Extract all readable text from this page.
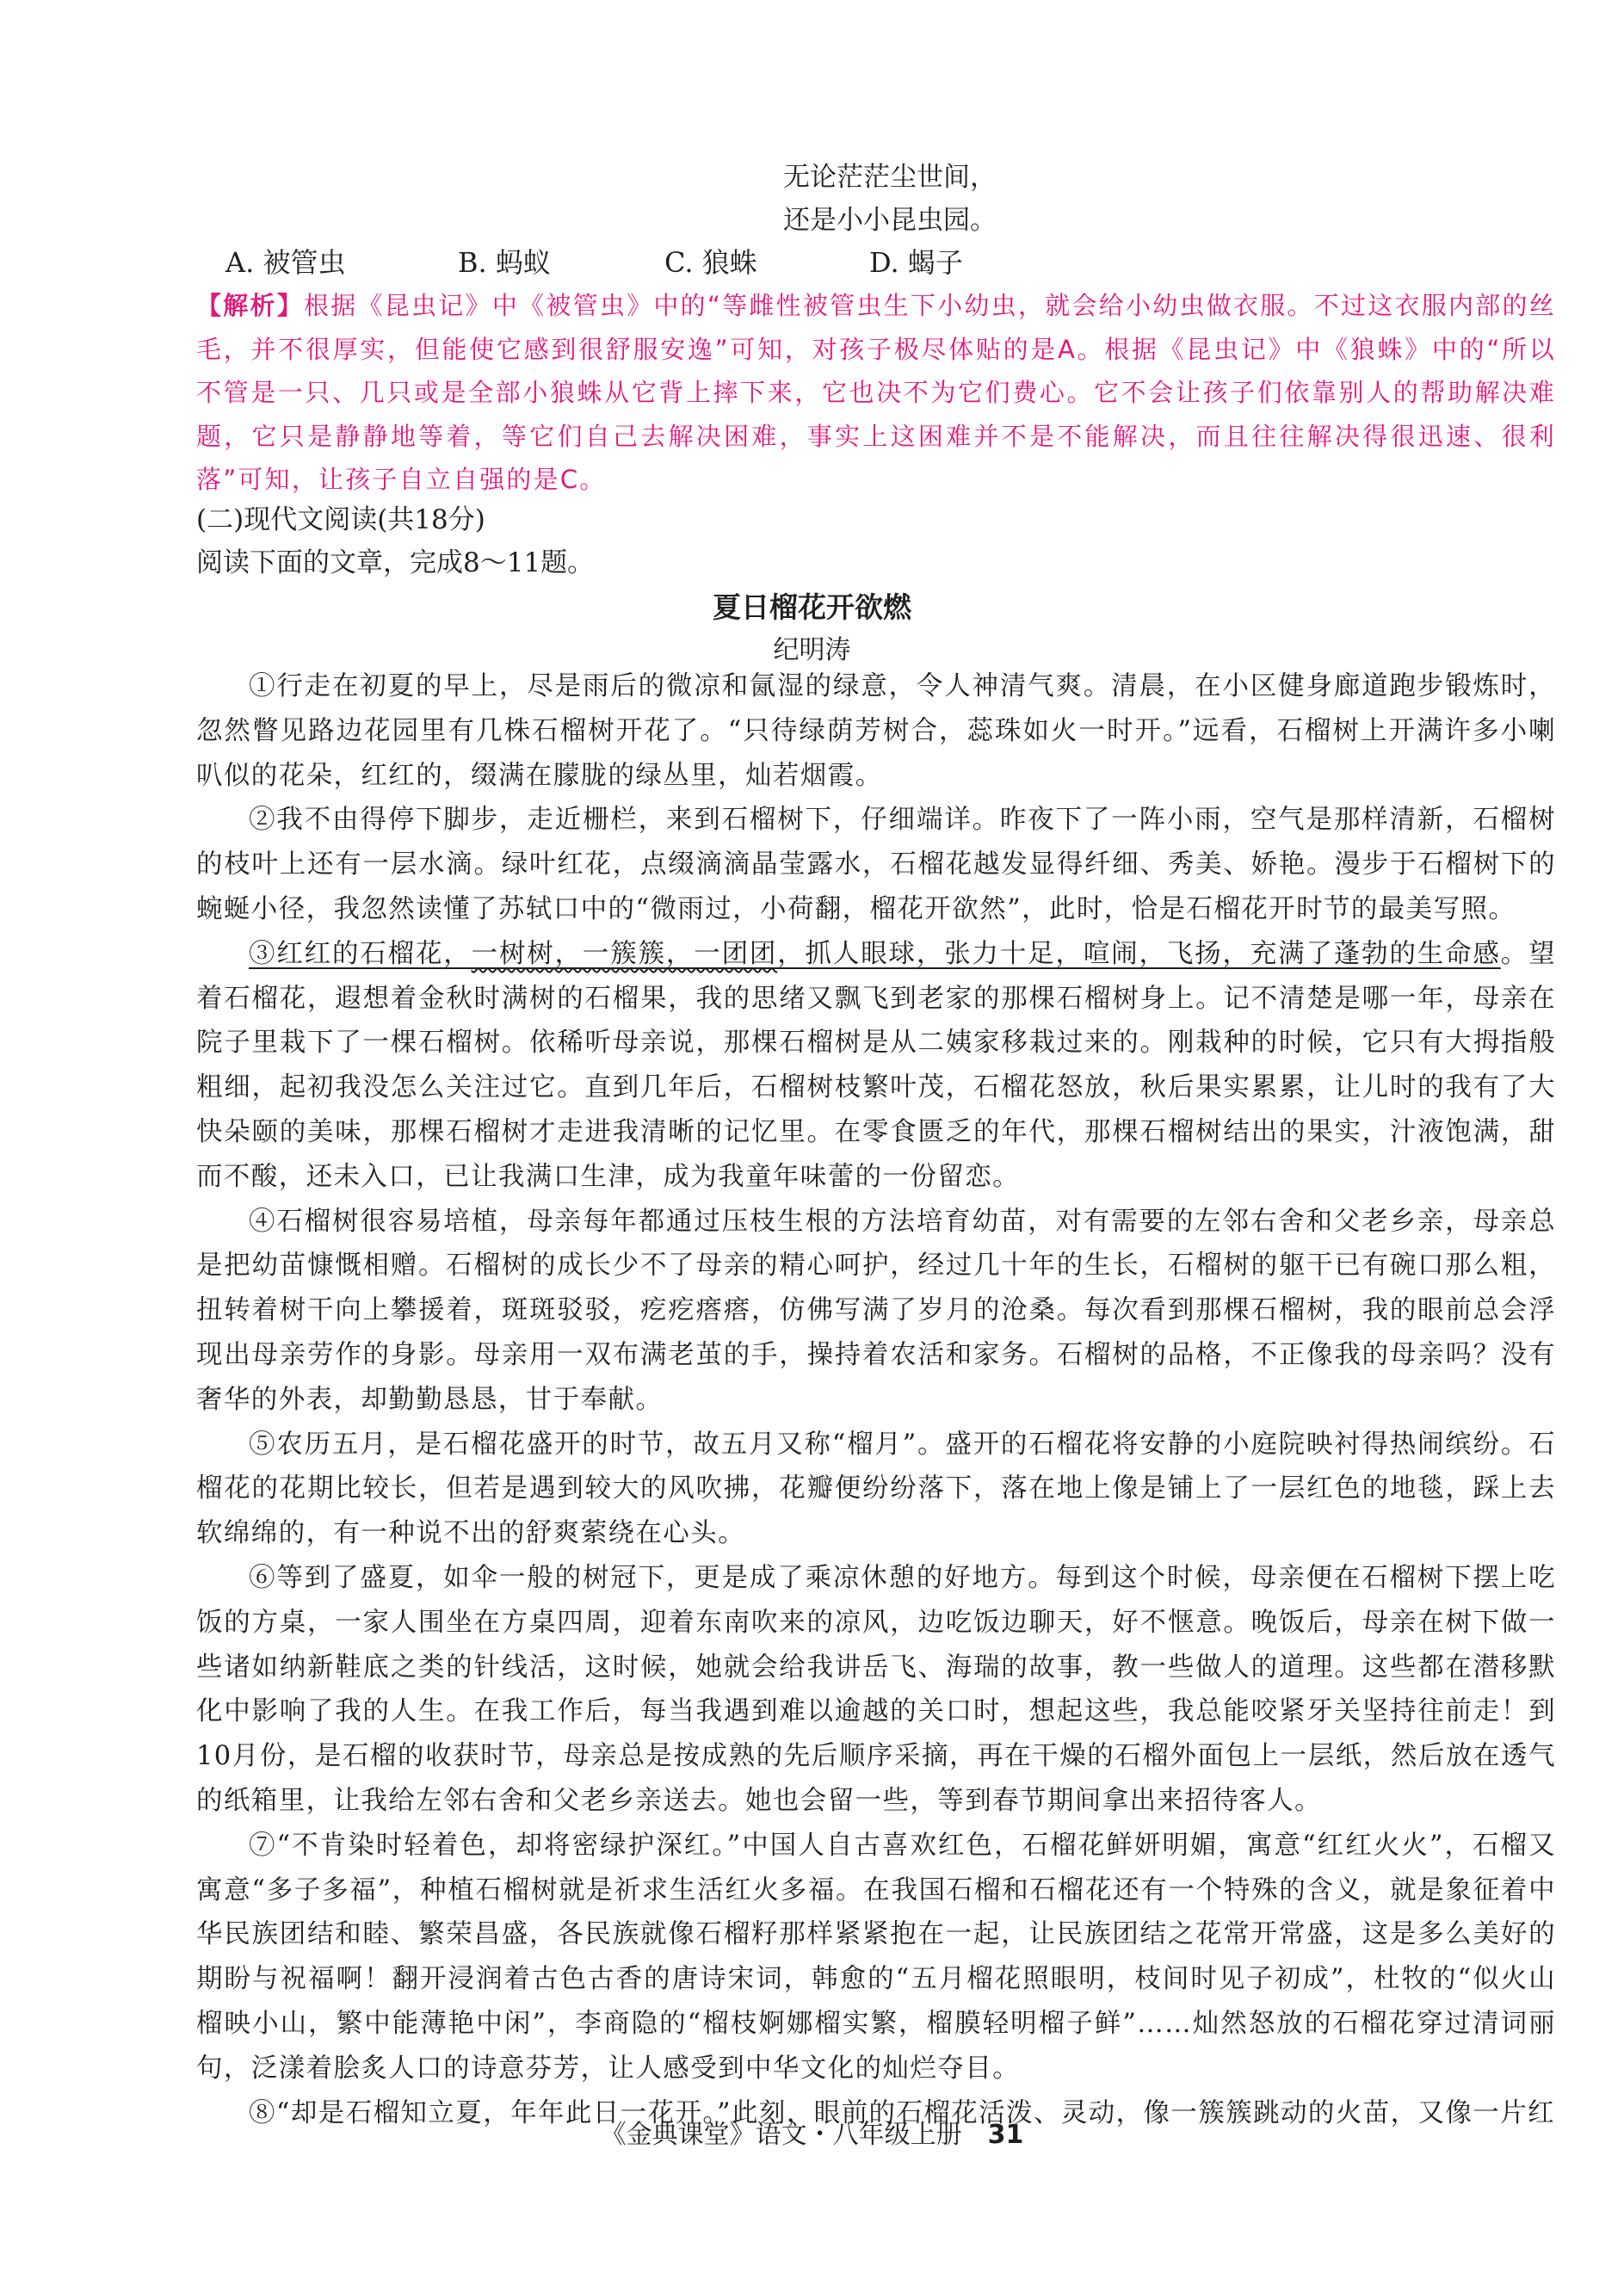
无论茫茫尘世间，
还是小小昆虫园。
A. 被管虫	B. 蚂蚁	C. 狼蛛	D. 蝎子
【解析】根据《昆虫记》中《被管虫》中的“等雌性被管虫生下小幼虫，就会给小幼虫做衣服。不过这衣服内部的丝毛，并不很厚实，但能使它感到很舒服安逸”可知，对孩子极尽体贴的是A。根据《昆虫记》中《狼蛛》中的“所以不管是一只、几只或是全部小狼蛛从它背上摔下来，它也决不为它们费心。它不会让孩子们依靠别人的帮助解决难题，它只是静静地等着，等它们自己去解决困难，事实上这困难并不是不能解决，而且往往解决得很迅速、很利落”可知，让孩子自立自强的是C。
(二)现代文阅读(共18分)
阅读下面的文章，完成8～11题。
夏日榴花开欲燃
纪明涛

①行走在初夏的早上，尽是雨后的微凉和氤湿的绿意，令人神清气爽。清晨，在小区健身廊道跑步锻炼时，忽然瞥见路边花园里有几株石榴树开花了。“只待绿荫芳树合，蕊珠如火一时开。”远看，石榴树上开满许多小喇叭似的花朵，红红的，缀满在朦胧的绿丛里，灿若烟霞。

②我不由得停下脚步，走近栅栏，来到石榴树下，仔细端详。昨夜下了一阵小雨，空气是那样清新，石榴树的枝叶上还有一层水滴。绿叶红花，点缀滴滴晶莹露水，石榴花越发显得纤细、秀美、娇艳。漫步于石榴树下的蜿蜒小径，我忽然读懂了苏轼口中的“微雨过，小荷翻，榴花开欲然”，此时，恰是石榴花开时节的最美写照。

③红红的石榴花，一树树，一簇簇，一团团，抓人眼球，张力十足，喧闹，飞扬，充满了蓬勃的生命感。望着石榴花，遐想着金秋时满树的石榴果，我的思绪又飘飞到老家的那棵石榴树身上。记不清楚是哪一年，母亲在院子里栽下了一棵石榴树。依稀听母亲说，那棵石榴树是从二姨家移栽过来的。刚栽种的时候，它只有大拇指般粗细，起初我没怎么关注过它。直到几年后，石榴树枝繁叶茂，石榴花怒放，秋后果实累累，让儿时的我有了大快朵颐的美味，那棵石榴树才走进我清晰的记忆里。在零食匮乏的年代，那棵石榴树结出的果实，汁液饱满，甜而不酸，还未入口，已让我满口生津，成为我童年味蕾的一份留恋。

④石榴树很容易培植，母亲每年都通过压枝生根的方法培育幼苗，对有需要的左邻右舍和父老乡亲，母亲总是把幼苗慷慨相赠。石榴树的成长少不了母亲的精心呵护，经过几十年的生长，石榴树的躯干已有碗口那么粗，扭转着树干向上攀援着，斑斑驳驳，疙疙瘩瘩，仿佛写满了岁月的沧桑。每次看到那棵石榴树，我的眼前总会浮现出母亲劳作的身影。母亲用一双布满老茧的手，操持着农活和家务。石榴树的品格，不正像我的母亲吗？没有奢华的外表，却勤勤恳恳，甘于奉献。

⑤农历五月，是石榴花盛开的时节，故五月又称“榴月”。盛开的石榴花将安静的小庭院映衬得热闹缤纷。石榴花的花期比较长，但若是遇到较大的风吹拂，花瓣便纷纷落下，落在地上像是铺上了一层红色的地毯，踩上去软绵绵的，有一种说不出的舒爽萦绕在心头。

⑥等到了盛夏，如伞一般的树冠下，更是成了乘凉休憩的好地方。每到这个时候，母亲便在石榴树下摆上吃饭的方桌，一家人围坐在方桌四周，迎着东南吹来的凉风，边吃饭边聊天，好不惬意。晚饭后，母亲在树下做一些诸如纳新鞋底之类的针线活，这时候，她就会给我讲岳飞、海瑞的故事，教一些做人的道理。这些都在潜移默化中影响了我的人生。在我工作后，每当我遇到难以逾越的关口时，想起这些，我总能咬紧牙关坚持往前走！到10月份，是石榴的收获时节，母亲总是按成熟的先后顺序采摘，再在干燥的石榴外面包上一层纸，然后放在透气的纸箱里，让我给左邻右舍和父老乡亲送去。她也会留一些，等到春节期间拿出来招待客人。

⑦“不肯染时轻着色，却将密绿护深红。”中国人自古喜欢红色，石榴花鲜妍明媚，寓意“红红火火”，石榴又寓意“多子多福”，种植石榴树就是祈求生活红火多福。在我国石榴和石榴花还有一个特殊的含义，就是象征着中华民族团结和睦、繁荣昌盛，各民族就像石榴籽那样紧紧抱在一起，让民族团结之花常开常盛，这是多么美好的期盼与祝福啊！翻开浸润着古色古香的唐诗宋词，韩愈的“五月榴花照眼明，枝间时见子初成”，杜牧的“似火山榴映小山，繁中能薄艳中闲”，李商隐的“榴枝婀娜榴实繁，榴膜轻明榴子鲜”……灿然怒放的石榴花穿过清词丽句，泛漾着脍炙人口的诗意芬芳，让人感受到中华文化的灿烂夺目。

⑧“却是石榴知立夏，年年此日一花开。”此刻，眼前的石榴花活泼、灵动，像一簇簇跳动的火苗，又像一片红

《金典课堂》语文・八年级上册 31
